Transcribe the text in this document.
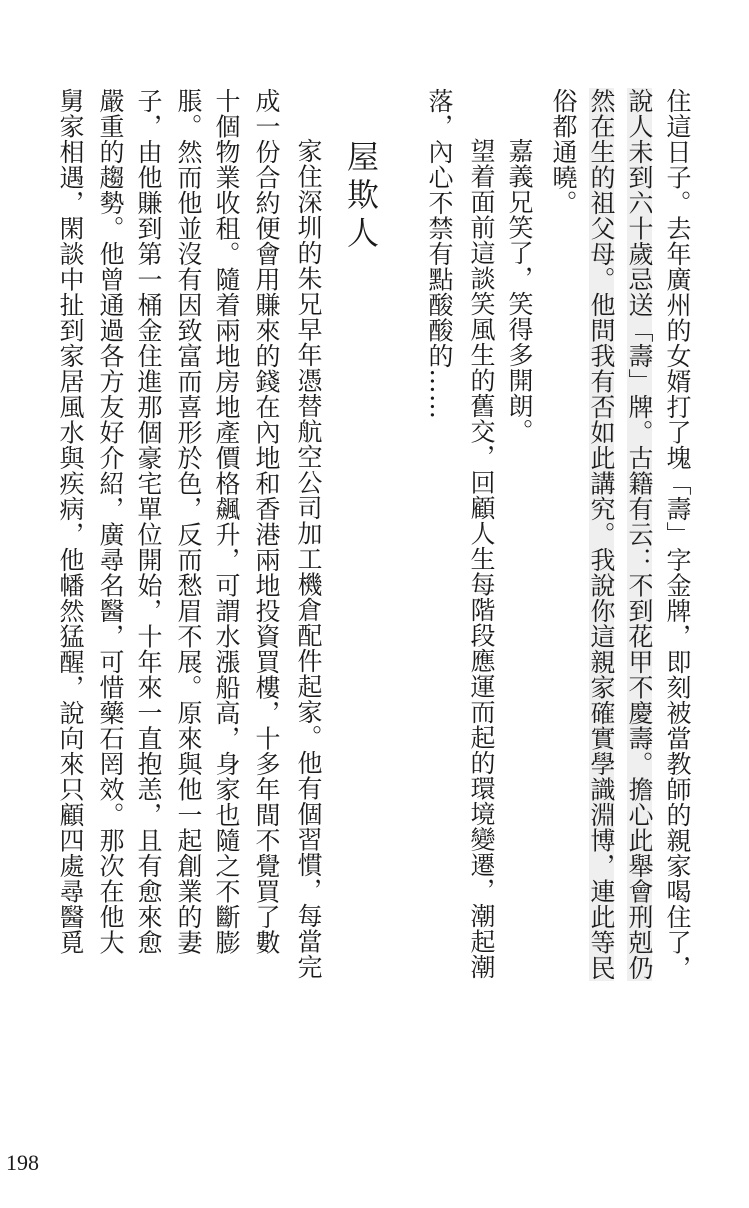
住這日子。去年廣州的女婿打了塊「壽」字金牌，即刻被當教師的親家喝住了，
說人未到六十歲忌送「壽」牌。古籍有云：不到花甲不慶壽。擔心此舉會刑剋仍
然在生的祖父母。他問我有否如此講究。我說你這親家確實學識淵博，連此等民
俗都通曉。
嘉義兄笑了，笑得多開朗。
望着面前這談笑風生的舊交，回顧人生每階段應運而起的環境變遷，潮起潮
落，內心不禁有點酸酸的……
屋欺人
家住深圳的朱兄早年憑替航空公司加工機倉配件起家。他有個習慣，每當完
成一份合約便會用賺來的錢在內地和香港兩地投資買樓，十多年間不覺買了數
十個物業收租。隨着兩地房地產價格飆升，可謂水漲船高，身家也隨之不斷膨
脹。然而他並沒有因致富而喜形於色，反而愁眉不展。原來與他一起創業的妻
子，由他賺到第一桶金住進那個豪宅單位開始，十年來一直抱恙，且有愈來愈
嚴重的趨勢。他曾通過各方友好介紹，廣尋名醫，可惜藥石罔效。那次在他大
舅家相遇，閑談中扯到家居風水與疾病，他幡然猛醒，說向來只顧四處尋醫覓
198
